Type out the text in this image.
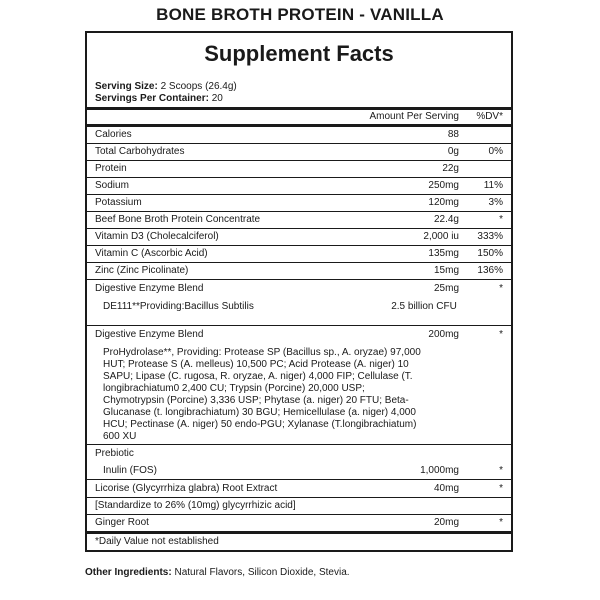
BONE BROTH PROTEIN - VANILLA
Supplement Facts
Serving Size: 2 Scoops (26.4g)
Servings Per Container: 20
Amount Per Serving %DV*
Calories	88
Total Carbohydrates	0g	0%
Protein	22g
Sodium	250mg 11%
Potassium	120mg	3%
Beef Bone Broth Protein Concentrate	22.4g	*
Vitamin D3 (Cholecalciferol)	2,000 iu 333%
Vitamin C (Ascorbic Acid)	135mg 150%
Zinc (Zinc Picolinate)	15mg 136%
Digestive Enzyme Blend	25mg	*
DE111**Providing:Bacillus Subtilis	2.5 billion CFU
Digestive Enzyme Blend	200mg	*
ProHydrolase**, Providing: Protease SP (Bacillus sp., A. oryzae) 97,000 HUT; Protease S (A. melleus) 10,500 PC; Acid Protease (A. niger) 10 SAPU; Lipase (C. rugosa, R. oryzae, A. niger) 4,000 FIP; Cellulase (T. longibrachiatum0 2,400 CU; Trypsin (Porcine) 20,000 USP; Chymotrypsin (Porcine) 3,336 USP; Phytase (a. niger) 20 FTU; Beta-Glucanase (t. longibrachiatum) 30 BGU; Hemicellulase (a. niger) 4,000 HCU; Pectinase (A. niger) 50 endo-PGU; Xylanase (T.longibrachiatum) 600 XU
Prebiotic
Inulin (FOS)	1,000mg	*
Licorise (Glycyrrhiza glabra) Root Extract	40mg	*
[Standardize to 26% (10mg) glycyrrhizic acid]
Ginger Root	20mg	*
*Daily Value not established
Other Ingredients: Natural Flavors, Silicon Dioxide, Stevia.
